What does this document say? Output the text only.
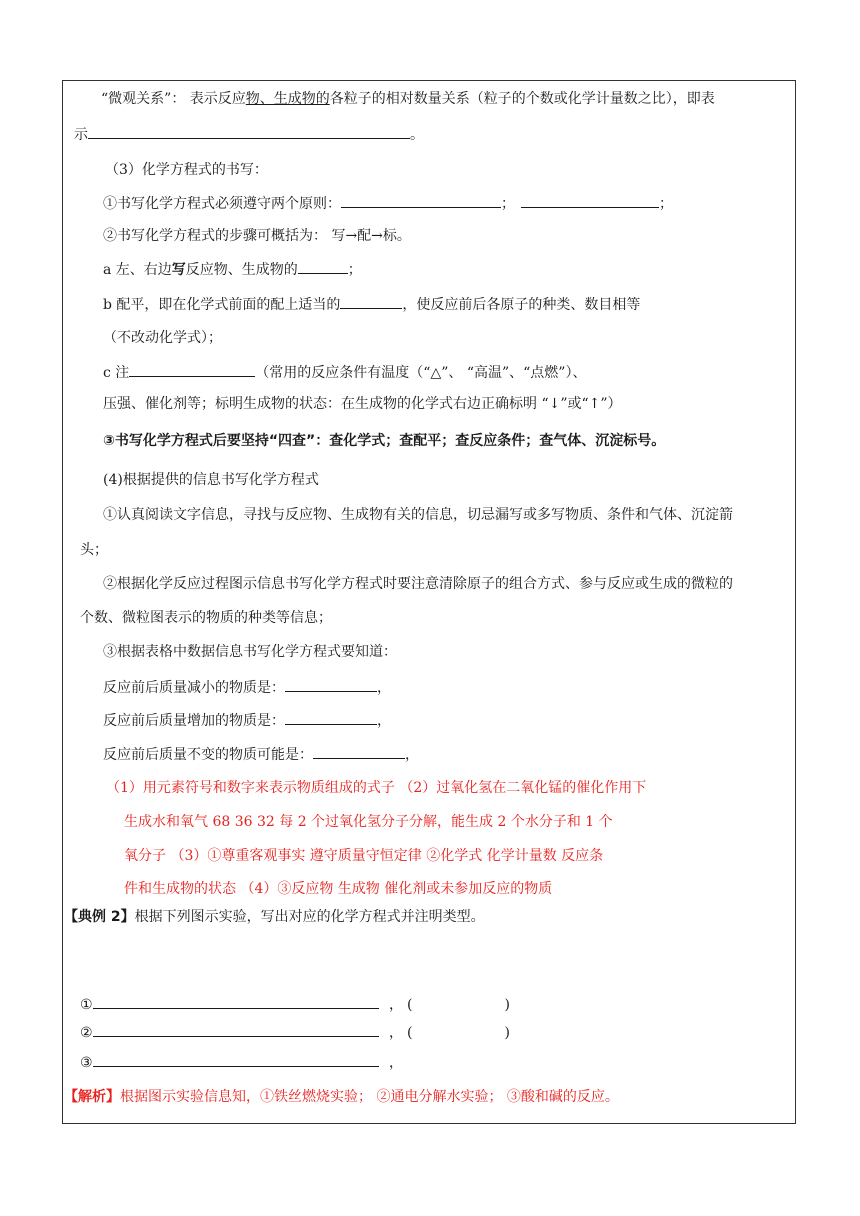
“微观关系”： 表示反应物、生成物的各粒子的相对数量关系（粒子的个数或化学计量数之比），即表
示	。
（3）化学方程式的书写：
①书写化学方程式必须遵守两个原则：	；	；
②书写化学方程式的步骤可概括为： 写→配→标。
a 左、右边写反应物、生成物的	；
b 配平，即在化学式前面的配上适当的	，使反应前后各原子的种类、数目相等
（不改动化学式）；
c 注	（常用的反应条件有温度（“△”、 “高温”、“点燃”）、
压强、催化剂等；标明生成物的状态：在生成物的化学式右边正确标明 “↓”或“↑”）
③书写化学方程式后要坚持“四查”：查化学式；查配平；查反应条件；查气体、沉淀标号。
(4)根据提供的信息书写化学方程式
①认真阅读文字信息，寻找与反应物、生成物有关的信息，切忌漏写或多写物质、条件和气体、沉淀箭
头；
②根据化学反应过程图示信息书写化学方程式时要注意清除原子的组合方式、参与反应或生成的微粒的
个数、微粒图表示的物质的种类等信息；
③根据表格中数据信息书写化学方程式要知道：
反应前后质量减小的物质是：	，
反应前后质量增加的物质是：	，
反应前后质量不变的物质可能是：	，
（1）用元素符号和数字来表示物质组成的式子 （2）过氧化氢在二氧化锰的催化作用下
生成水和氧气 68 36 32 每 2 个过氧化氢分子分解，能生成 2 个水分子和 1 个
氧分子 （3）①尊重客观事实 遵守质量守恒定律 ②化学式 化学计量数 反应条
件和生成物的状态 （4）③反应物 生成物 催化剂或未参加反应的物质
【典例 2】根据下列图示实验，写出对应的化学方程式并注明类型。
①	， (	)
②	， (	)
③	，
【解析】根据图示实验信息知，①铁丝燃烧实验； ②通电分解水实验； ③酸和碱的反应。
